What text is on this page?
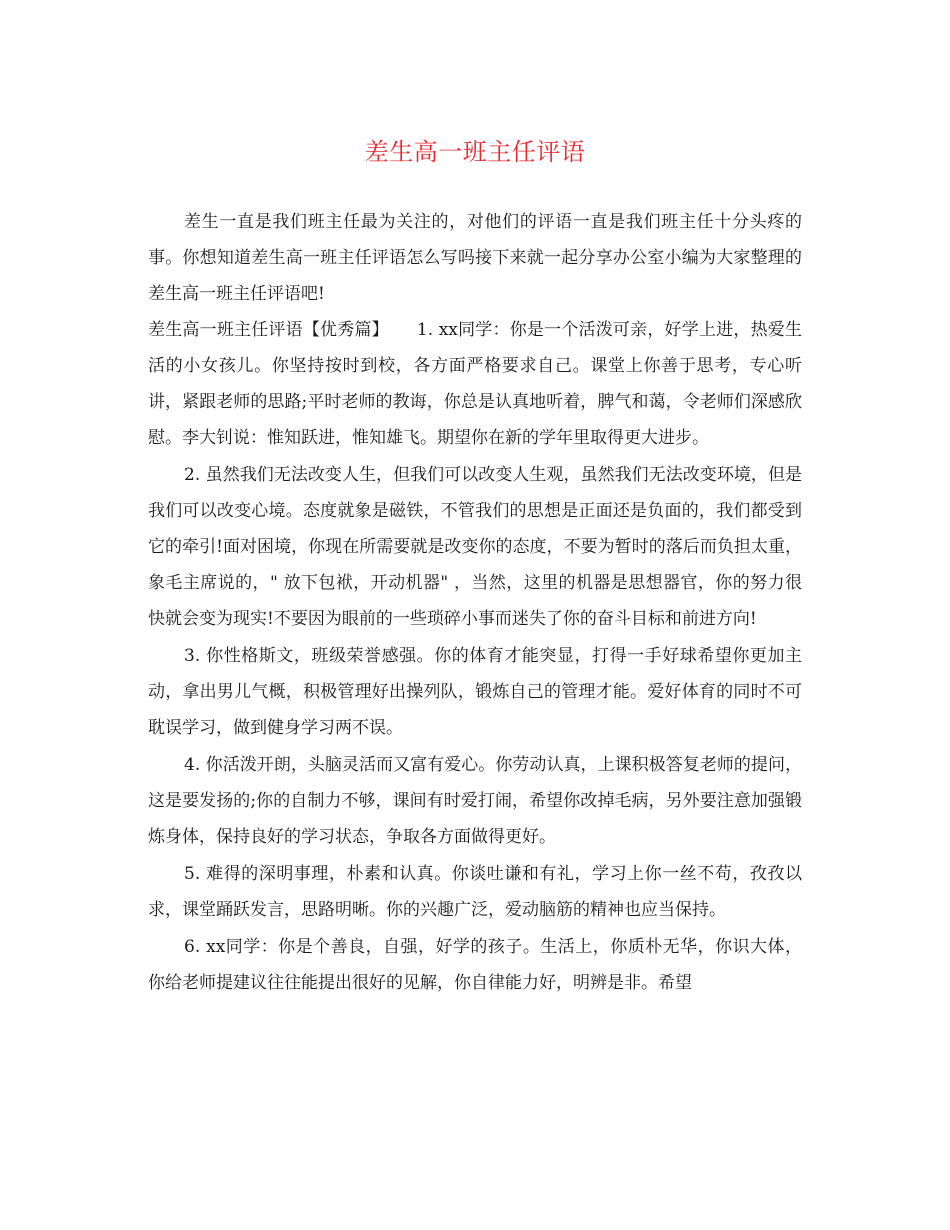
差生高一班主任评语

差生一直是我们班主任最为关注的，对他们的评语一直是我们班主任十分头疼的事。你想知道差生高一班主任评语怎么写吗接下来就一起分享办公室小编为大家整理的差生高一班主任评语吧!

差生高一班主任评语【优秀篇】 1. xx同学：你是一个活泼可亲，好学上进，热爱生活的小女孩儿。你坚持按时到校，各方面严格要求自己。课堂上你善于思考，专心听讲，紧跟老师的思路;平时老师的教诲，你总是认真地听着，脾气和蔼，令老师们深感欣慰。李大钊说：惟知跃进，惟知雄飞。期望你在新的学年里取得更大进步。

2. 虽然我们无法改变人生，但我们可以改变人生观，虽然我们无法改变环境，但是我们可以改变心境。态度就象是磁铁，不管我们的思想是正面还是负面的，我们都受到它的牵引!面对困境，你现在所需要就是改变你的态度，不要为暂时的落后而负担太重，象毛主席说的，" 放下包袱，开动机器" ，当然，这里的机器是思想器官，你的努力很快就会变为现实!不要因为眼前的一些琐碎小事而迷失了你的奋斗目标和前进方向!

3. 你性格斯文，班级荣誉感强。你的体育才能突显，打得一手好球希望你更加主动，拿出男儿气概，积极管理好出操列队，锻炼自己的管理才能。爱好体育的同时不可耽误学习，做到健身学习两不误。

4. 你活泼开朗，头脑灵活而又富有爱心。你劳动认真，上课积极答复老师的提问，这是要发扬的;你的自制力不够，课间有时爱打闹，希望你改掉毛病，另外要注意加强锻炼身体，保持良好的学习状态，争取各方面做得更好。

5. 难得的深明事理，朴素和认真。你谈吐谦和有礼，学习上你一丝不苟，孜孜以求，课堂踊跃发言，思路明晰。你的兴趣广泛，爱动脑筋的精神也应当保持。

6. xx同学：你是个善良，自强，好学的孩子。生活上，你质朴无华，你识大体，你给老师提建议往往能提出很好的见解，你自律能力好，明辨是非。希望
